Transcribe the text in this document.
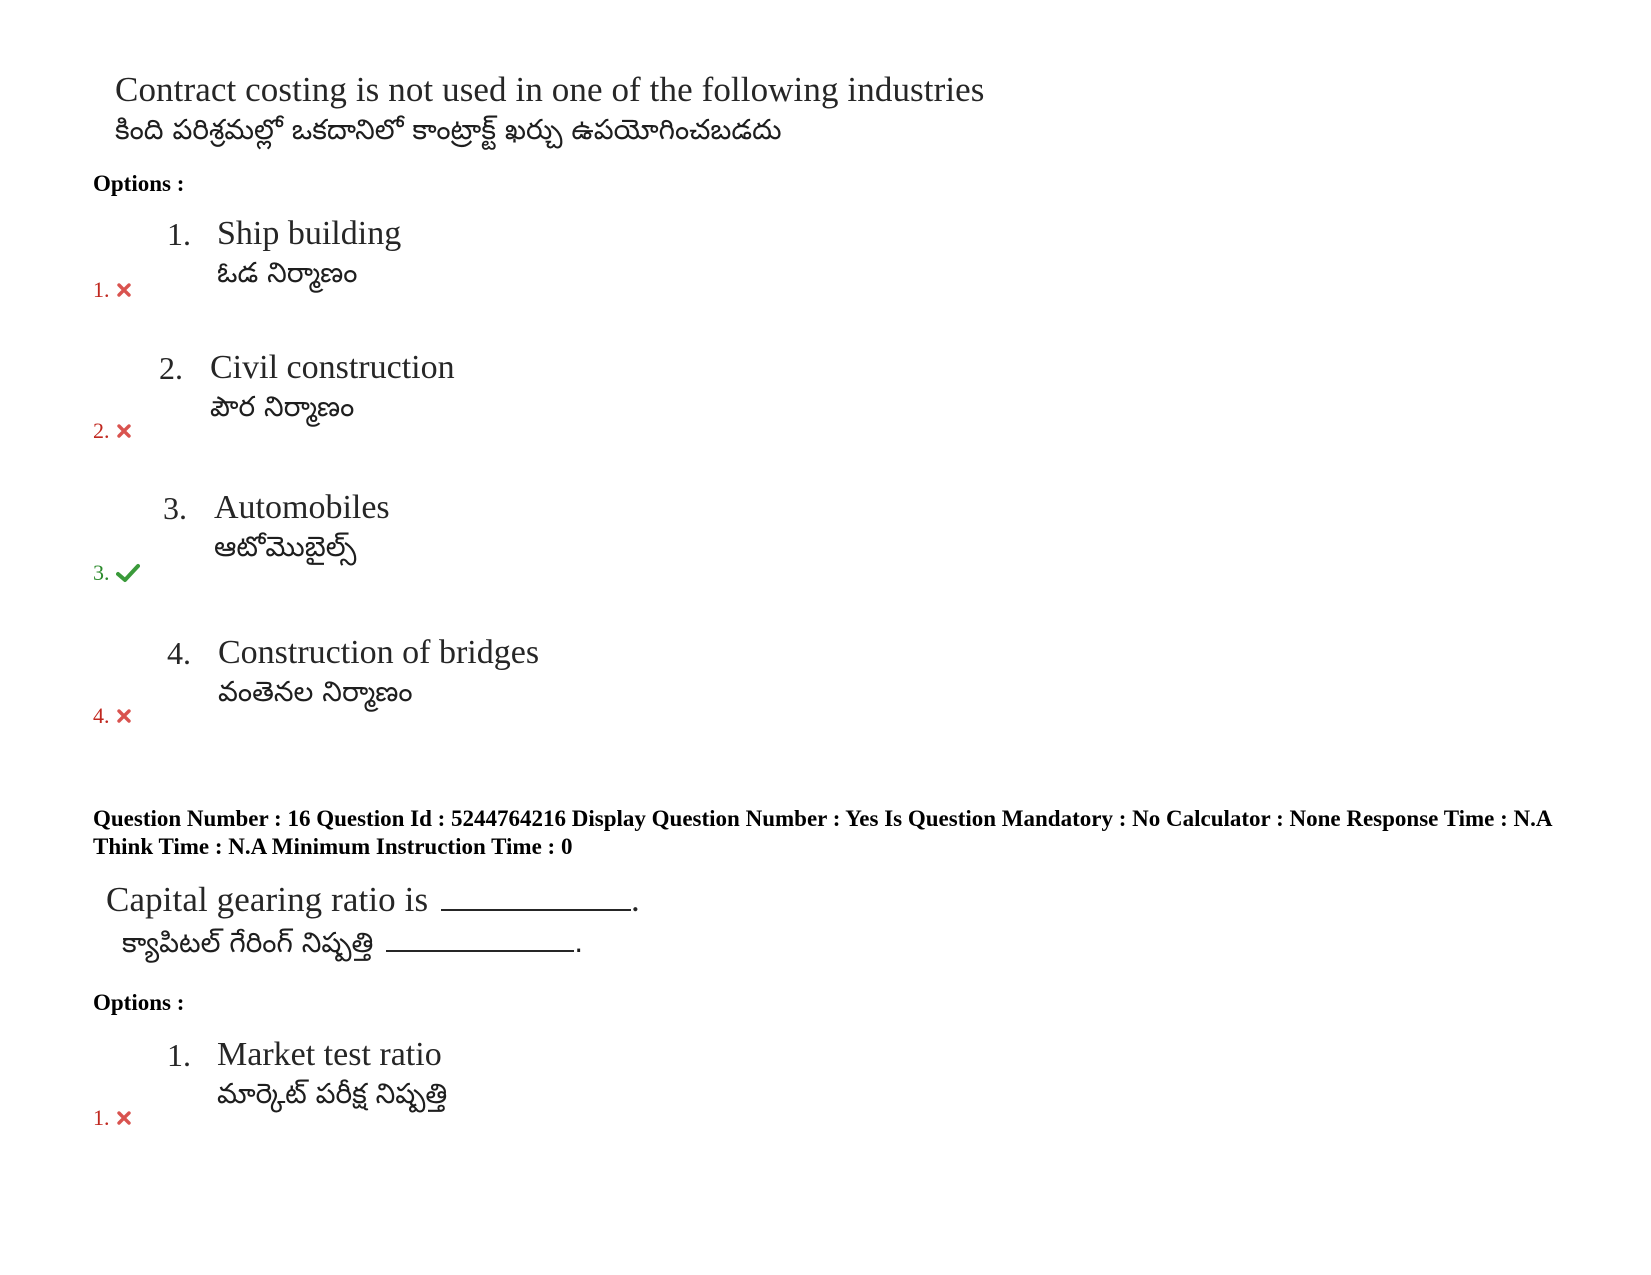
Contract costing is not used in one of the following industries
కింది పరిశ్రమల్లో ఒకదానిలో కాంట్రాక్ట్ ఖర్చు ఉపయోగించబడదు
Options :
1. Ship building
ఓడ నిర్మాణం
1.
2. Civil construction
పౌర నిర్మాణం
2.
3. Automobiles
ఆటోమొబైల్స్
3.
4. Construction of bridges
వంతెనల నిర్మాణం
4.
Question Number : 16 Question Id : 5244764216 Display Question Number : Yes Is Question Mandatory : No Calculator : None Response Time : N.A Think Time : N.A Minimum Instruction Time : 0
Capital gearing ratio is	.
క్యాపిటల్ గేరింగ్ నిష్పత్తి	.
Options :
1. Market test ratio
మార్కెట్ పరీక్ష నిష్పత్తి
1.
